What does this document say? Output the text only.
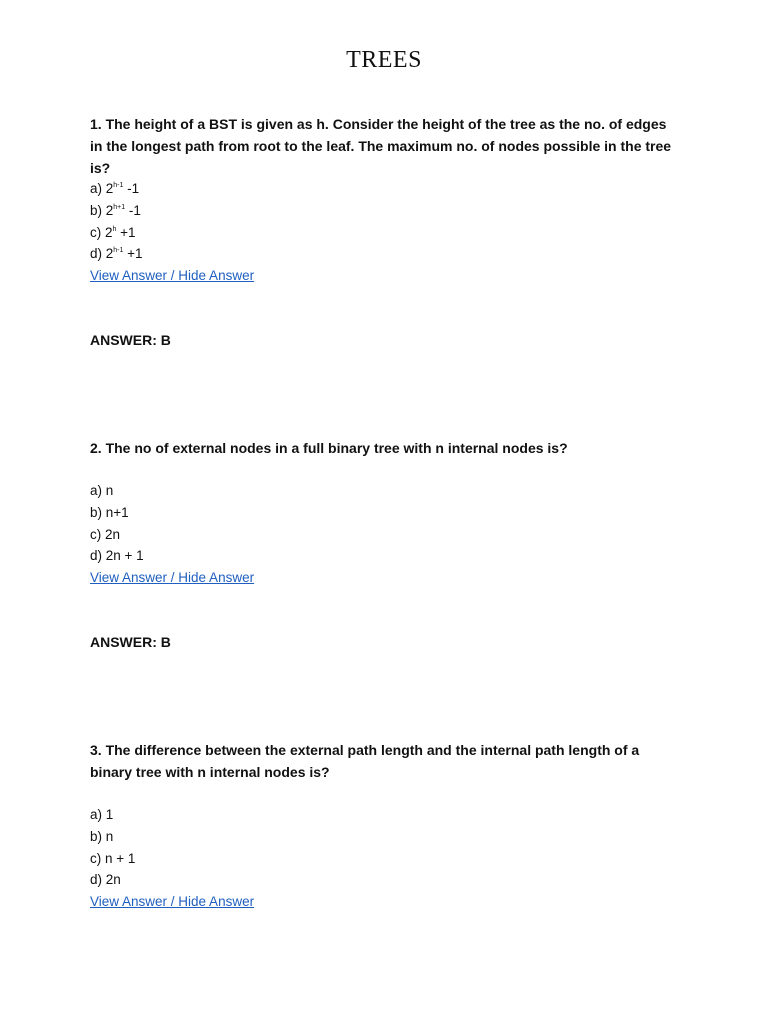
TREES
1. The height of a BST is given as h. Consider the height of the tree as the no. of edges in the longest path from root to the leaf. The maximum no. of nodes possible in the tree is?
a) 2$^{h-1}$ -1
b) $2^{h+1}$ -1
c) $2^h +1$
d) $2^{h-1} +1$
View Answer / Hide Answer
ANSWER: B
2. The no of external nodes in a full binary tree with n internal nodes is?
a) n
b) n+1
c) 2n
d) 2n + 1
View Answer / Hide Answer
ANSWER: B
3. The difference between the external path length and the internal path length of a binary tree with n internal nodes is?
a) 1
b) n
c) n + 1
d) 2n
View Answer / Hide Answer
